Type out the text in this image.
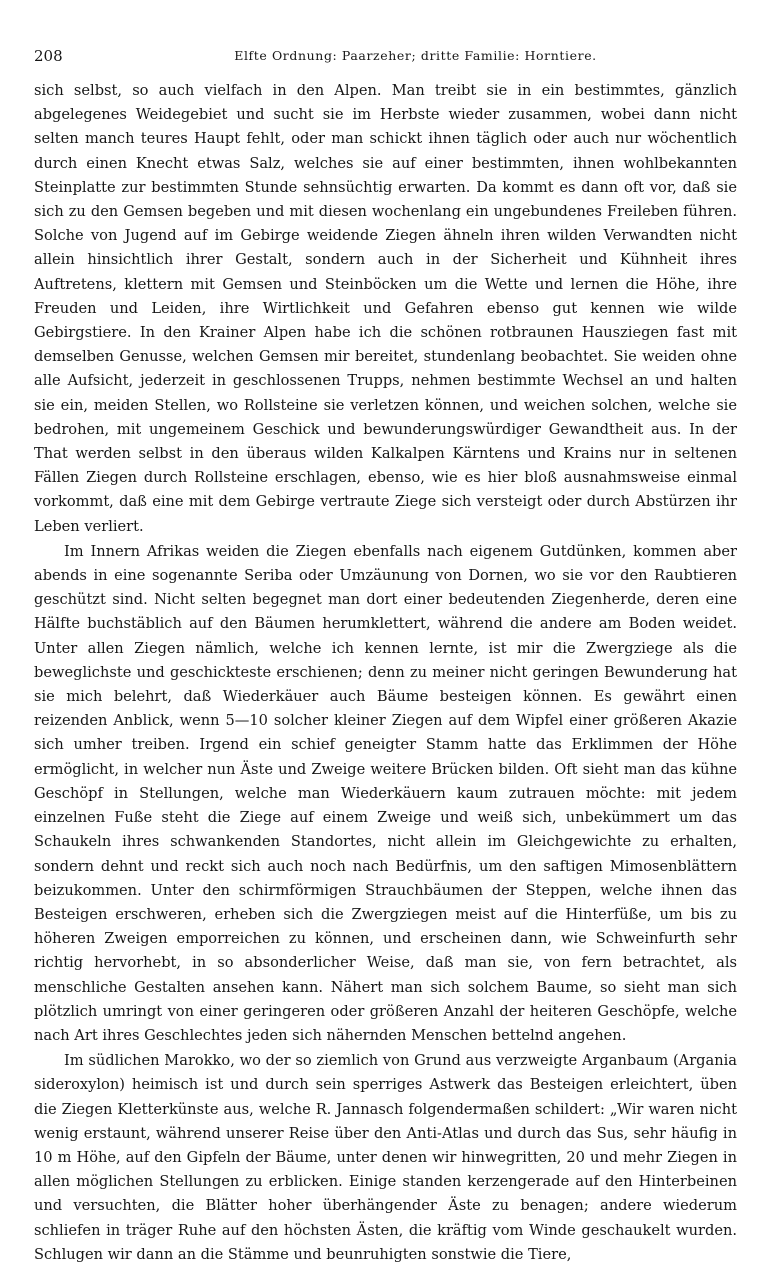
208	Elfte Ordnung: Paarzeher; dritte Familie: Horntiere.

sich selbst, so auch vielfach in den Alpen. Man treibt sie in ein bestimmtes, gänzlich abgelegenes Weidegebiet und sucht sie im Herbste wieder zusammen, wobei dann nicht selten manch teures Haupt fehlt, oder man schickt ihnen täglich oder auch nur wöchentlich durch einen Knecht etwas Salz, welches sie auf einer bestimmten, ihnen wohlbekannten Steinplatte zur bestimmten Stunde sehnsüchtig erwarten. Da kommt es dann oft vor, daß sie sich zu den Gemsen begeben und mit diesen wochenlang ein ungebundenes Freileben führen. Solche von Jugend auf im Gebirge weidende Ziegen ähneln ihren wilden Verwandten nicht allein hinsichtlich ihrer Gestalt, sondern auch in der Sicherheit und Kühnheit ihres Auftretens, klettern mit Gemsen und Steinböcken um die Wette und lernen die Höhe, ihre Freuden und Leiden, ihre Wirtlichkeit und Gefahren ebenso gut kennen wie wilde Gebirgstiere. In den Krainer Alpen habe ich die schönen rotbraunen Hausziegen fast mit demselben Genusse, welchen Gemsen mir bereitet, stundenlang beobachtet. Sie weiden ohne alle Aufsicht, jederzeit in geschlossenen Trupps, nehmen bestimmte Wechsel an und halten sie ein, meiden Stellen, wo Rollsteine sie verletzen können, und weichen solchen, welche sie bedrohen, mit ungemeinem Geschick und bewunderungswürdiger Gewandtheit aus. In der That werden selbst in den überaus wilden Kalkalpen Kärntens und Krains nur in seltenen Fällen Ziegen durch Rollsteine erschlagen, ebenso, wie es hier bloß ausnahmsweise einmal vorkommt, daß eine mit dem Gebirge vertraute Ziege sich versteigt oder durch Abstürzen ihr Leben verliert.

Im Innern Afrikas weiden die Ziegen ebenfalls nach eigenem Gutdünken, kommen aber abends in eine sogenannte Seriba oder Umzäunung von Dornen, wo sie vor den Raubtieren geschützt sind. Nicht selten begegnet man dort einer bedeutenden Ziegenherde, deren eine Hälfte buchstäblich auf den Bäumen herumklettert, während die andere am Boden weidet. Unter allen Ziegen nämlich, welche ich kennen lernte, ist mir die Zwergziege als die beweglichste und geschickteste erschienen; denn zu meiner nicht geringen Bewunderung hat sie mich belehrt, daß Wiederkäuer auch Bäume besteigen können. Es gewährt einen reizenden Anblick, wenn 5—10 solcher kleiner Ziegen auf dem Wipfel einer größeren Akazie sich umher treiben. Irgend ein schief geneigter Stamm hatte das Erklimmen der Höhe ermöglicht, in welcher nun Äste und Zweige weitere Brücken bilden. Oft sieht man das kühne Geschöpf in Stellungen, welche man Wiederkäuern kaum zutrauen möchte: mit jedem einzelnen Fuße steht die Ziege auf einem Zweige und weiß sich, unbekümmert um das Schaukeln ihres schwankenden Standortes, nicht allein im Gleichgewichte zu erhalten, sondern dehnt und reckt sich auch noch nach Bedürfnis, um den saftigen Mimosenblättern beizukommen. Unter den schirmförmigen Strauchbäumen der Steppen, welche ihnen das Besteigen erschweren, erheben sich die Zwergziegen meist auf die Hinterfüße, um bis zu höheren Zweigen emporreichen zu können, und erscheinen dann, wie Schweinfurth sehr richtig hervorhebt, in so absonderlicher Weise, daß man sie, von fern betrachtet, als menschliche Gestalten ansehen kann. Nähert man sich solchem Baume, so sieht man sich plötzlich umringt von einer geringeren oder größeren Anzahl der heiteren Geschöpfe, welche nach Art ihres Geschlechtes jeden sich nähernden Menschen bettelnd angehen.

Im südlichen Marokko, wo der so ziemlich von Grund aus verzweigte Arganbaum (Argania sideroxylon) heimisch ist und durch sein sperriges Astwerk das Besteigen erleichtert, üben die Ziegen Kletterkünste aus, welche R. Jannasch folgendermaßen schildert: „Wir waren nicht wenig erstaunt, während unserer Reise über den Anti-Atlas und durch das Sus, sehr häufig in 10 m Höhe, auf den Gipfeln der Bäume, unter denen wir hinwegritten, 20 und mehr Ziegen in allen möglichen Stellungen zu erblicken. Einige standen kerzengerade auf den Hinterbeinen und versuchten, die Blätter hoher überhängender Äste zu benagen; andere wiederum schliefen in träger Ruhe auf den höchsten Ästen, die kräftig vom Winde geschaukelt wurden. Schlugen wir dann an die Stämme und beunruhigten sonstwie die Tiere,
